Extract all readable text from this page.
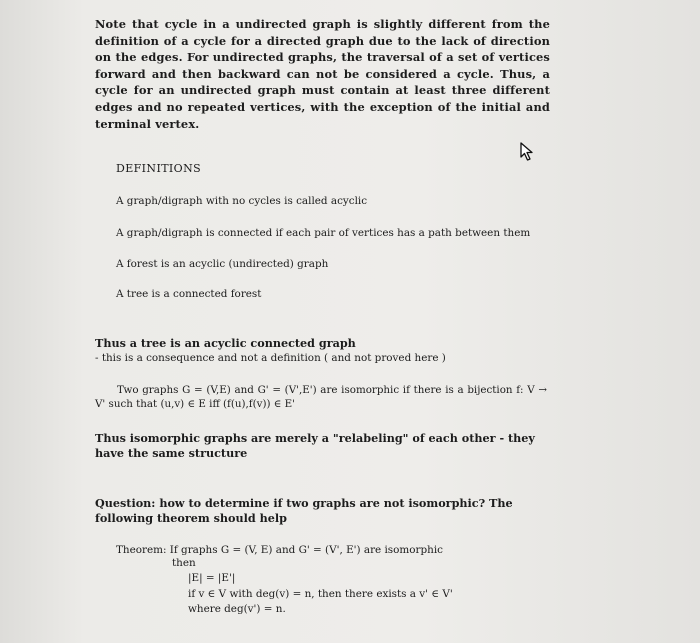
Note that cycle in a undirected graph is slightly different from the definition of a cycle for a directed graph due to the lack of direction on the edges. For undirected graphs, the traversal of a set of vertices forward and then backward can not be considered a cycle. Thus, a cycle for an undirected graph must contain at least three different edges and no repeated vertices, with the exception of the initial and terminal vertex.

DEFINITIONS
A graph/digraph with no cycles is called acyclic
A graph/digraph is connected if each pair of vertices has a path between them
A forest is an acyclic (undirected) graph
A tree is a connected forest
Thus a tree is an acyclic connected graph
- this is a consequence and not a definition ( and not proved here )
Two graphs G = (V,E) and G' = (V',E') are isomorphic if there is a bijection f: V → V' such that (u,v) ∈ E iff (f(u),f(v)) ∈ E'
Thus isomorphic graphs are merely a "relabeling" of each other - they have the same structure
Question: how to determine if two graphs are not isomorphic? The following theorem should help
Theorem: If graphs G = (V, E) and G' = (V', E') are isomorphic
then
|E| = |E'|
if v ∈ V with deg(v) = n, then there exists a v' ∈ V'
where deg(v') = n.
